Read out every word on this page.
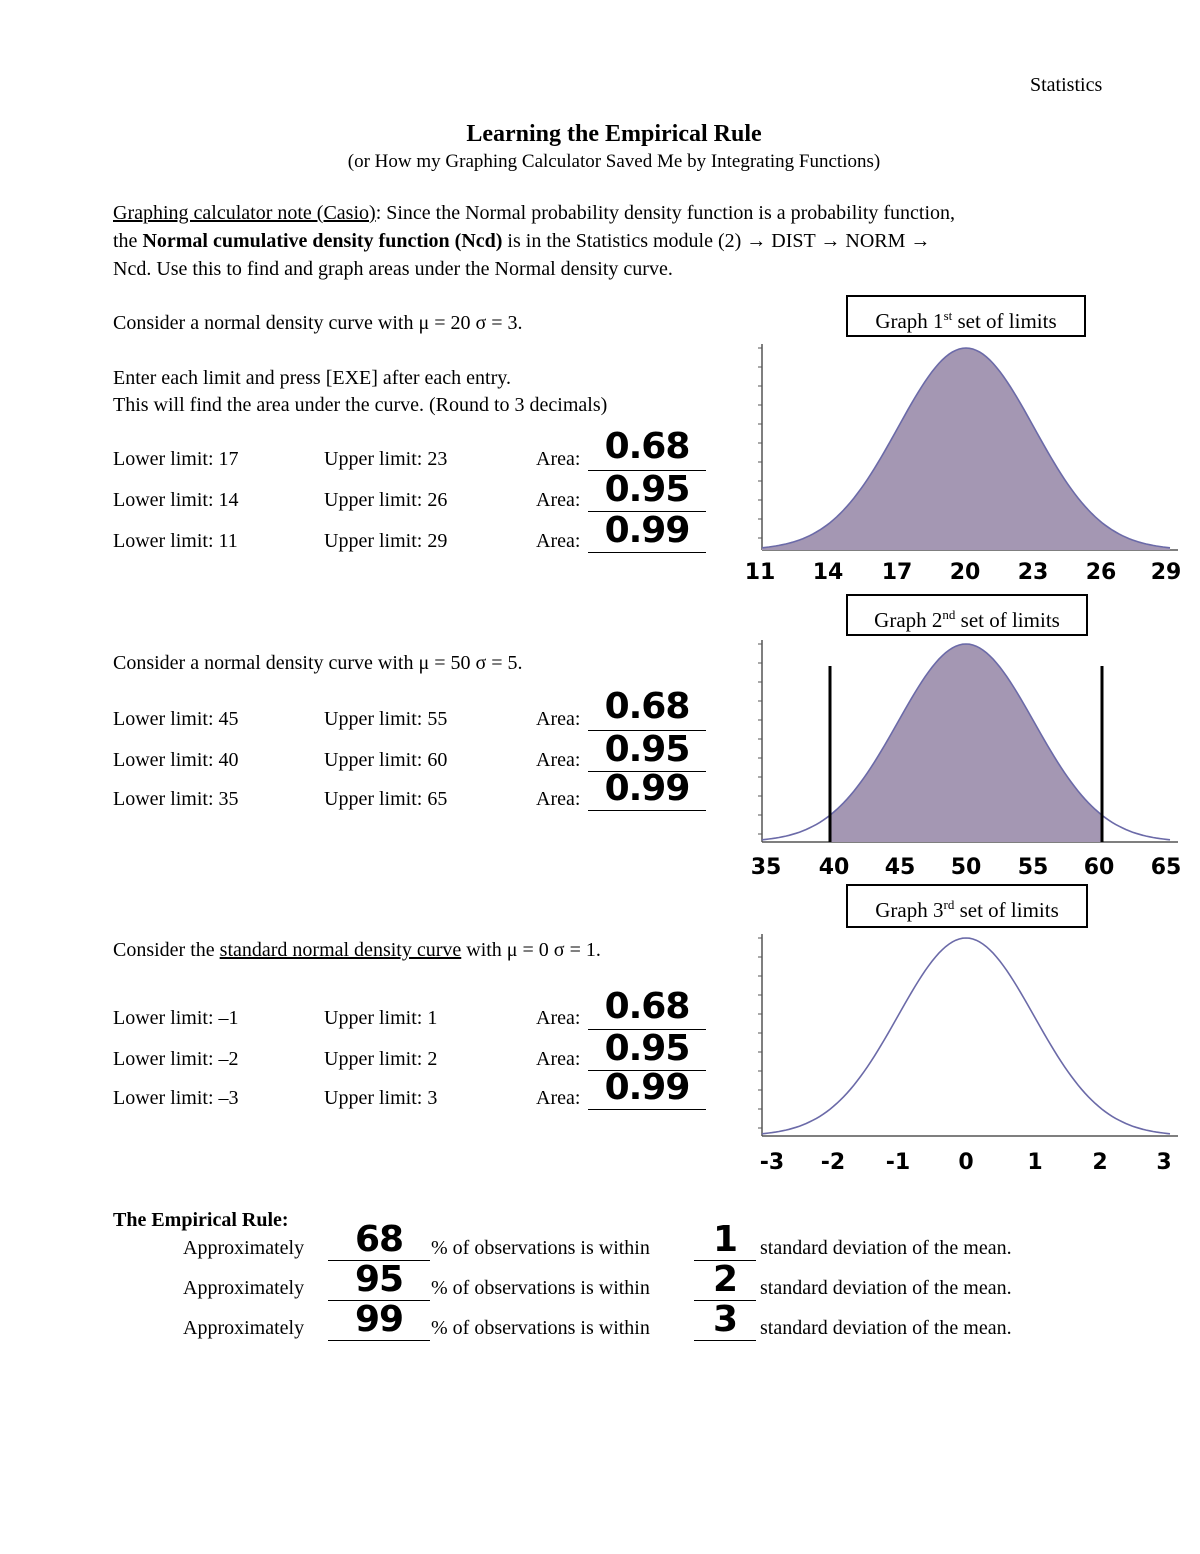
Statistics
Learning the Empirical Rule
(or How my Graphing Calculator Saved Me by Integrating Functions)
Graphing calculator note (Casio): Since the Normal probability density function is a probability function,
the Normal cumulative density function (Ncd) is in the Statistics module (2) → DIST → NORM →
Ncd. Use this to find and graph areas under the Normal density curve.
Consider a normal density curve with μ = 20 σ = 3.
Enter each limit and press [EXE] after each entry.
This will find the area under the curve. (Round to 3 decimals)
Lower limit: 17	Upper limit: 23	Area: 0.68
Lower limit: 14	Upper limit: 26	Area: 0.95
Lower limit: 11	Upper limit: 29	Area: 0.99
Consider a normal density curve with μ = 50 σ = 5.
Lower limit: 45	Upper limit: 55	Area: 0.68
Lower limit: 40	Upper limit: 60	Area: 0.95
Lower limit: 35	Upper limit: 65	Area: 0.99
Consider the standard normal density curve with μ = 0 σ = 1.
Lower limit: –1	Upper limit: 1	Area: 0.68
Lower limit: –2	Upper limit: 2	Area: 0.95
Lower limit: –3	Upper limit: 3	Area: 0.99
Graph 1st set of limits
11 14 17 20 23 26 29
Graph 2nd set of limits
35 40 45 50 55 60 65
Graph 3rd set of limits
-3 -2 -1 0 1 2 3
The Empirical Rule:
Approximately	68	% of observations is within	1	standard deviation of the mean.
Approximately	95	% of observations is within	2	standard deviation of the mean.
Approximately	99	% of observations is within	3	standard deviation of the mean.
